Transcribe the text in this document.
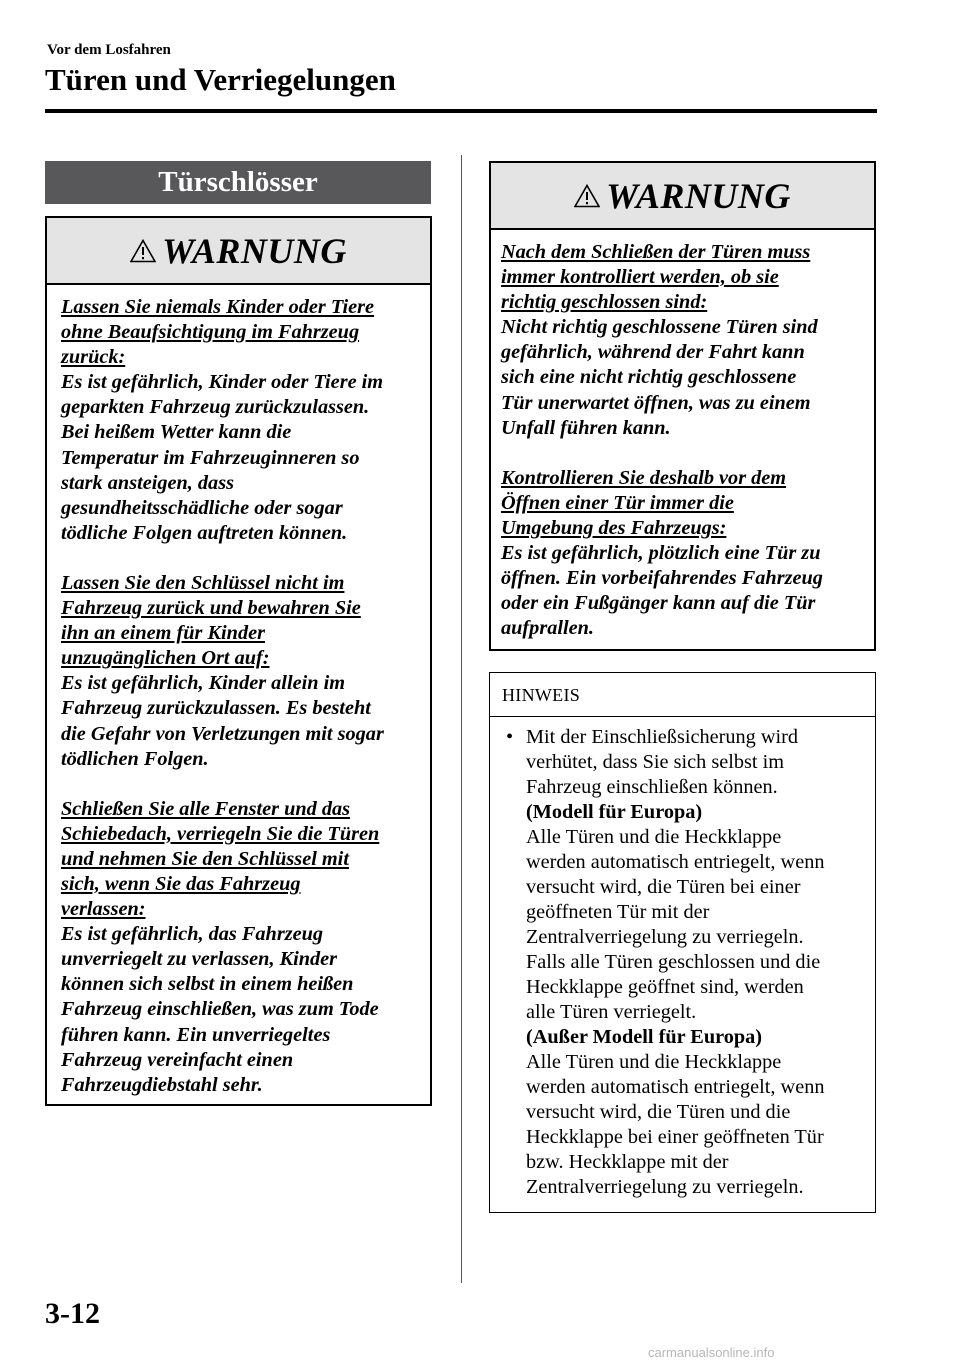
Vor dem Losfahren
Türen und Verriegelungen
Türschlösser
WARNUNG

Lassen Sie niemals Kinder oder Tiere

ohne Beaufsichtigung im Fahrzeug

zurück:

Es ist gefährlich, Kinder oder Tiere im

geparkten Fahrzeug zurückzulassen.

Bei heißem Wetter kann die

Temperatur im Fahrzeuginneren so

stark ansteigen, dass

gesundheitsschädliche oder sogar

tödliche Folgen auftreten können.

Lassen Sie den Schlüssel nicht im

Fahrzeug zurück und bewahren Sie

ihn an einem für Kinder

unzugänglichen Ort auf:

Es ist gefährlich, Kinder allein im

Fahrzeug zurückzulassen. Es besteht

die Gefahr von Verletzungen mit sogar

tödlichen Folgen.

Schließen Sie alle Fenster und das

Schiebedach, verriegeln Sie die Türen

und nehmen Sie den Schlüssel mit

sich, wenn Sie das Fahrzeug

verlassen:

Es ist gefährlich, das Fahrzeug

unverriegelt zu verlassen, Kinder

können sich selbst in einem heißen

Fahrzeug einschließen, was zum Tode

führen kann. Ein unverriegeltes

Fahrzeug vereinfacht einen

Fahrzeugdiebstahl sehr.

WARNUNG

Nach dem Schließen der Türen muss

immer kontrolliert werden, ob sie

richtig geschlossen sind:

Nicht richtig geschlossene Türen sind

gefährlich, während der Fahrt kann

sich eine nicht richtig geschlossene

Tür unerwartet öffnen, was zu einem

Unfall führen kann.

Kontrollieren Sie deshalb vor dem

Öffnen einer Tür immer die

Umgebung des Fahrzeugs:

Es ist gefährlich, plötzlich eine Tür zu

öffnen. Ein vorbeifahrendes Fahrzeug

oder ein Fußgänger kann auf die Tür

aufprallen.

HINWEIS
• Mit der Einschließsicherung wird

verhütet, dass Sie sich selbst im

Fahrzeug einschließen können.

(Modell für Europa)

Alle Türen und die Heckklappe

werden automatisch entriegelt, wenn

versucht wird, die Türen bei einer

geöffneten Tür mit der

Zentralverriegelung zu verriegeln.

Falls alle Türen geschlossen und die

Heckklappe geöffnet sind, werden

alle Türen verriegelt.

(Außer Modell für Europa)

Alle Türen und die Heckklappe

werden automatisch entriegelt, wenn

versucht wird, die Türen und die

Heckklappe bei einer geöffneten Tür

bzw. Heckklappe mit der

Zentralverriegelung zu verriegeln.

3-12
carmanualsonline.info
